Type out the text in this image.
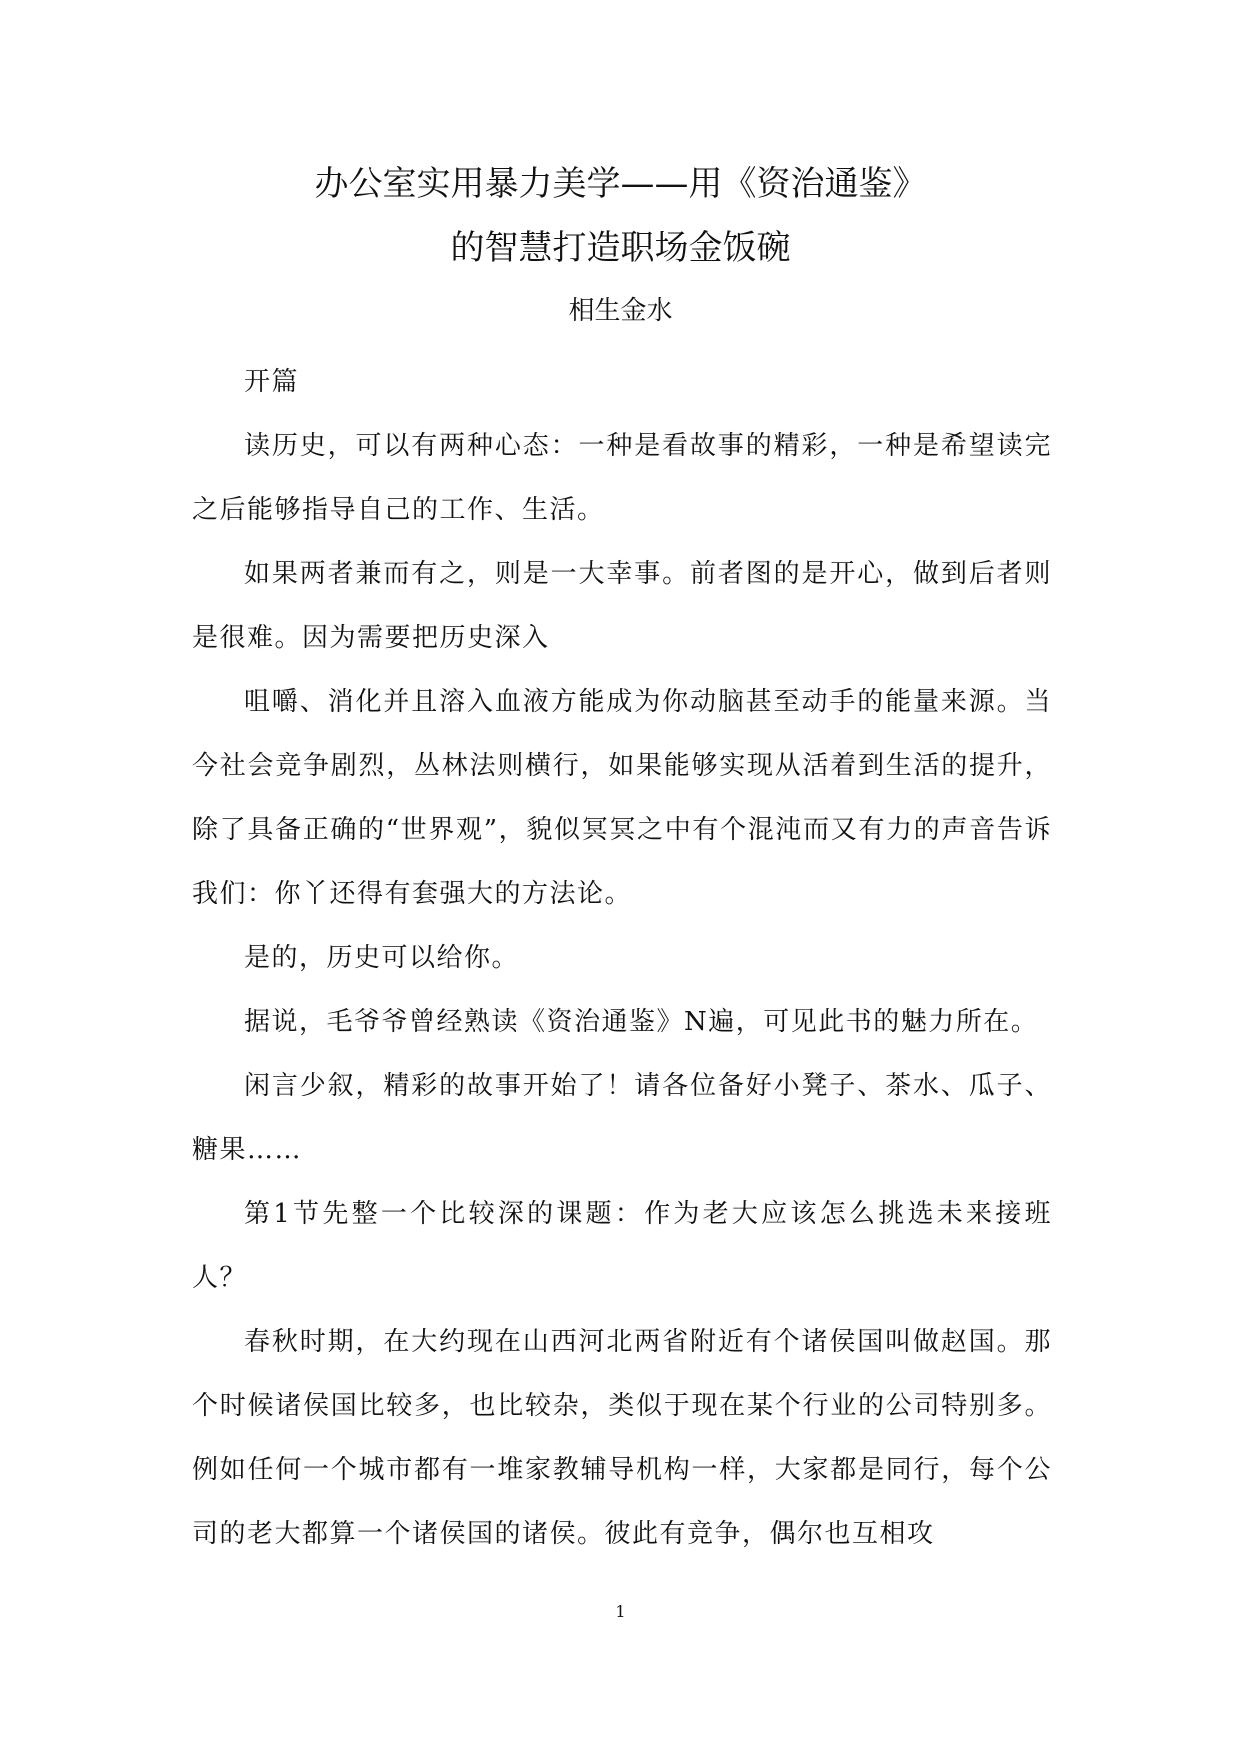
办公室实用暴力美学——用《资治通鉴》
的智慧打造职场金饭碗
相生金水

开篇

读历史，可以有两种心态：一种是看故事的精彩，一种是希望读完之后能够指导自己的工作、生活。

如果两者兼而有之，则是一大幸事。前者图的是开心，做到后者则是很难。因为需要把历史深入

咀嚼、消化并且溶入血液方能成为你动脑甚至动手的能量来源。当今社会竞争剧烈，丛林法则横行，如果能够实现从活着到生活的提升，除了具备正确的“世界观”，貌似冥冥之中有个混沌而又有力的声音告诉我们：你丫还得有套强大的方法论。

是的，历史可以给你。

据说，毛爷爷曾经熟读《资治通鉴》N遍，可见此书的魅力所在。

闲言少叙，精彩的故事开始了！请各位备好小凳子、茶水、瓜子、糖果……

第1节先整一个比较深的课题：作为老大应该怎么挑选未来接班人？

春秋时期，在大约现在山西河北两省附近有个诸侯国叫做赵国。那个时候诸侯国比较多，也比较杂，类似于现在某个行业的公司特别多。例如任何一个城市都有一堆家教辅导机构一样，大家都是同行，每个公司的老大都算一个诸侯国的诸侯。彼此有竞争，偶尔也互相攻

1
